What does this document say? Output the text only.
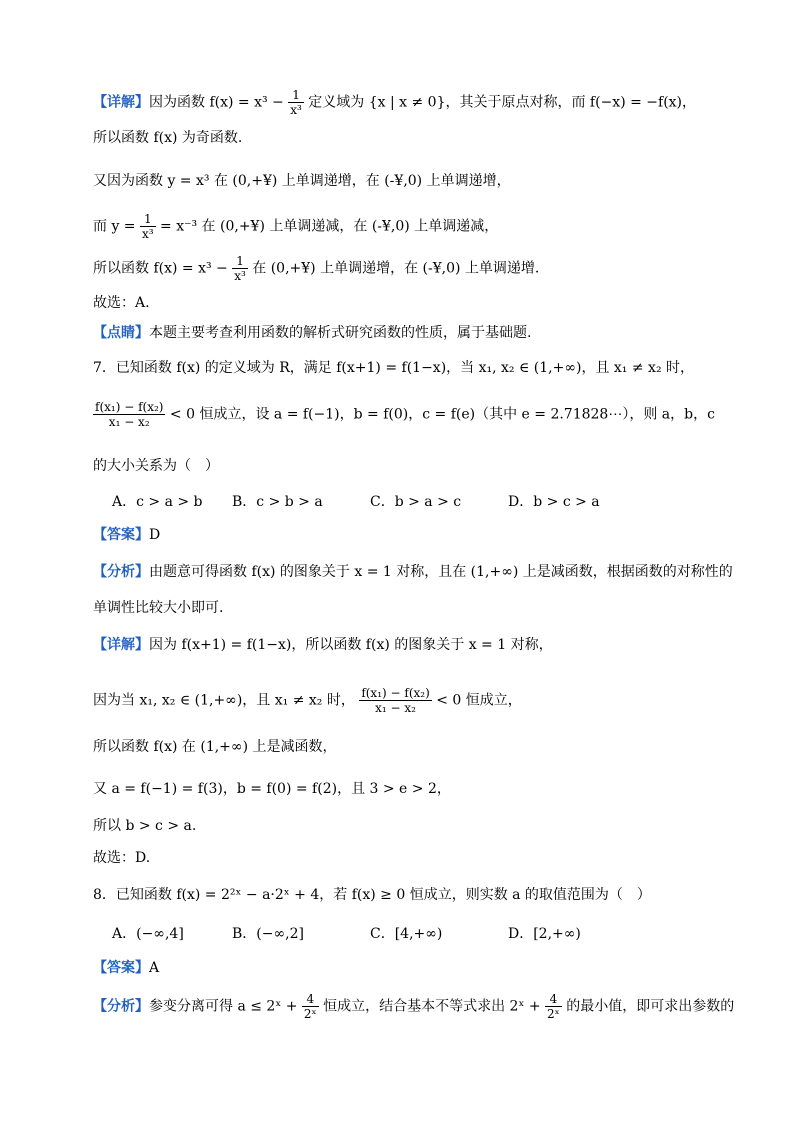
【详解】因为函数 $f(x) = x^3 - \frac{1}{\text{x³}}$ 定义域为 {x | x ≠ 0}，其关于原点对称，而 f(−x) = −f(x)，
所以函数 f(x) 为奇函数.
又因为函数 y = x³ 在 (0,+¥) 上单调递增，在 (-¥,0) 上单调递增，
而 $y = \frac{1}{\text{x³}} = x^{-3}$ 在 (0,+¥) 上单调递减，在 (-¥,0) 上单调递减，
所以函数 $f(x) = x^3 - \frac{1}{\text{x³}}$ 在 (0,+¥) 上单调递增，在 (-¥,0) 上单调递增.
故选：A.
【点睛】本题主要考查利用函数的解析式研究函数的性质，属于基础题.
7．已知函数 f(x) 的定义域为 R，满足 f(x+1) = f(1−x)，当 x₁, x₂ ∈ (1,+∞)，且 x₁ ≠ x₂ 时，
$\frac{\text{f(x₁) − f(x₂)}}{\text{x₁ − x₂}} < 0$ 恒成立，设 a = f(−1)，b = f(0)，c = f(e)（其中 e = 2.71828⋯），则 a，b，c
的大小关系为（　）
A．c > a > b B．c > b > a	C．b > a > c	D．b > c > a
【答案】D
【分析】由题意可得函数 f(x) 的图象关于 x = 1 对称，且在 (1,+∞) 上是减函数，根据函数的对称性的
单调性比较大小即可.
【详解】因为 f(x+1) = f(1−x)，所以函数 f(x) 的图象关于 x = 1 对称，
因为当 x₁, x₂ ∈ (1,+∞)，且 x₁ ≠ x₂ 时， $\frac{\text{f(x₁) − f(x₂)}}{\text{x₁ − x₂}} < 0$ 恒成立，
所以函数 f(x) 在 (1,+∞) 上是减函数，
又 a = f(−1) = f(3)，b = f(0) = f(2)，且 3 > e > 2，
所以 b > c > a.
故选：D.
8．已知函数 f(x) = 2²ˣ − a·2ˣ + 4，若 f(x) ≥ 0 恒成立，则实数 a 的取值范围为（　）
A．(−∞,4]	B．(−∞,2]	C．[4,+∞)	D．[2,+∞)
【答案】A
【分析】参变分离可得 a ≤ 2ˣ + $\frac{4}{\text{2ˣ}}$ 恒成立，结合基本不等式求出 2ˣ + $\frac{4}{\text{2ˣ}}$ 的最小值，即可求出参数的
